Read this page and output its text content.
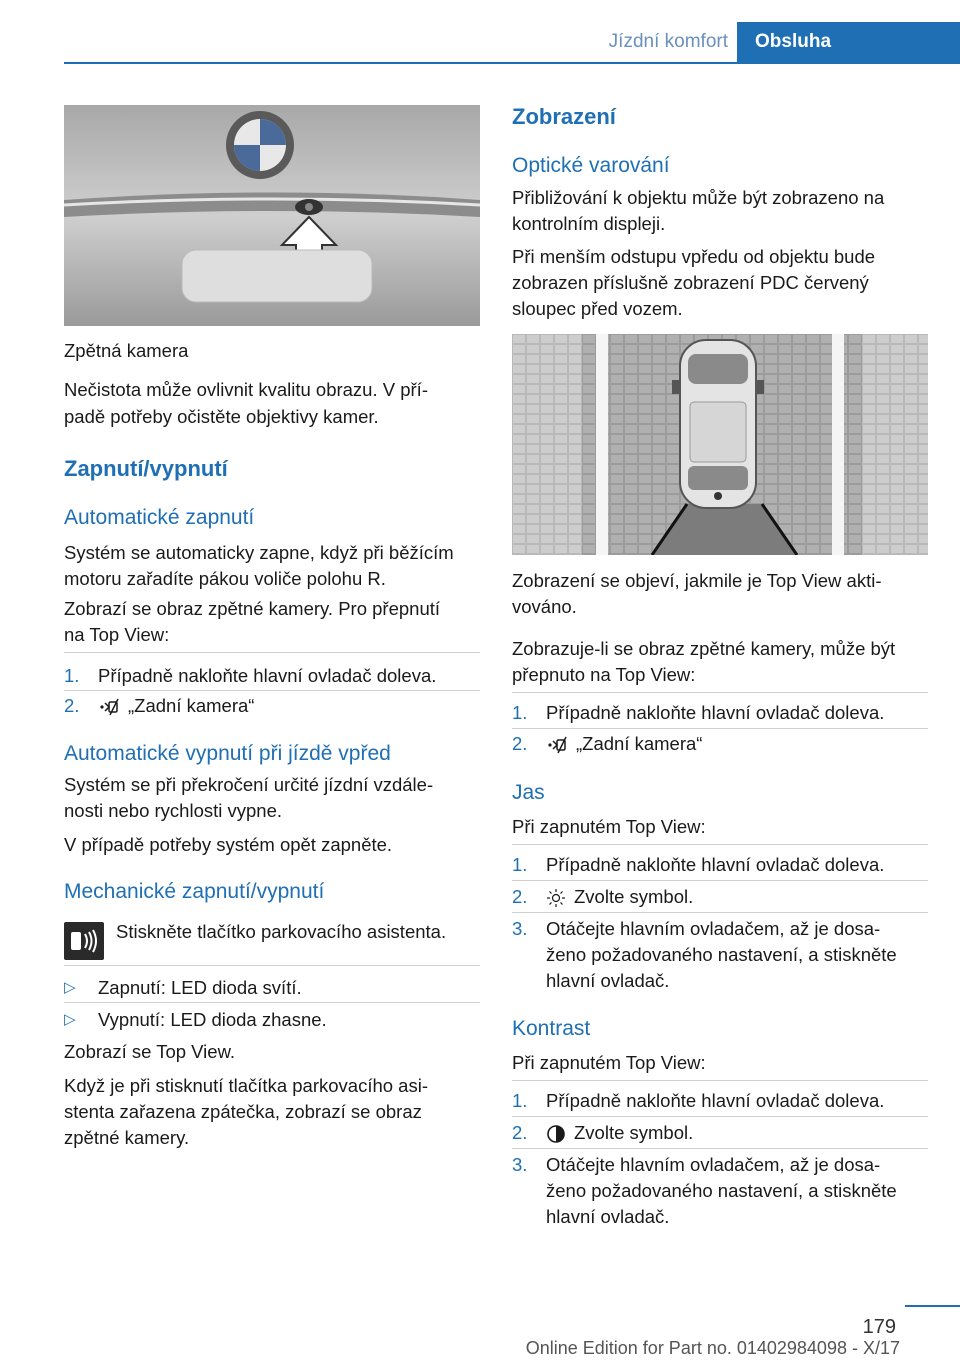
Jízdní komfort	Obsluha
Zpětná kamera
Nečistota může ovlivnit kvalitu obrazu. V pří-
padě potřeby očistěte objektivy kamer.
Zapnutí/vypnutí
Automatické zapnutí
Systém se automaticky zapne, když při běžícím
motoru zařadíte pákou voliče polohu R.
Zobrazí se obraz zpětné kamery. Pro přepnutí
na Top View:
1. Případně nakloňte hlavní ovladač doleva.
2.	„Zadní kamera“
Automatické vypnutí při jízdě vpřed
Systém se při překročení určité jízdní vzdále-
nosti nebo rychlosti vypne.
V případě potřeby systém opět zapněte.
Mechanické zapnutí/vypnutí
Stiskněte tlačítko parkovacího asistenta.
▷ Zapnutí: LED dioda svítí.
▷ Vypnutí: LED dioda zhasne.
Zobrazí se Top View.
Když je při stisknutí tlačítka parkovacího asi-
stenta zařazena zpátečka, zobrazí se obraz
zpětné kamery.
Zobrazení
Optické varování
Přibližování k objektu může být zobrazeno na
kontrolním displeji.
Při menším odstupu vpředu od objektu bude
zobrazen příslušně zobrazení PDC červený
sloupec před vozem.
Zobrazení se objeví, jakmile je Top View akti-
vováno.
Zobrazuje-li se obraz zpětné kamery, může být
přepnuto na Top View:
1. Případně nakloňte hlavní ovladač doleva.
2.	„Zadní kamera“
Jas
Při zapnutém Top View:
1. Případně nakloňte hlavní ovladač doleva.
2.	Zvolte symbol.
3. Otáčejte hlavním ovladačem, až je dosa-
ženo požadovaného nastavení, a stiskněte
hlavní ovladač.
Kontrast
Při zapnutém Top View:
1. Případně nakloňte hlavní ovladač doleva.
2.	Zvolte symbol.
3. Otáčejte hlavním ovladačem, až je dosa-
ženo požadovaného nastavení, a stiskněte
hlavní ovladač.
179
Online Edition for Part no. 01402984098 - X/17
